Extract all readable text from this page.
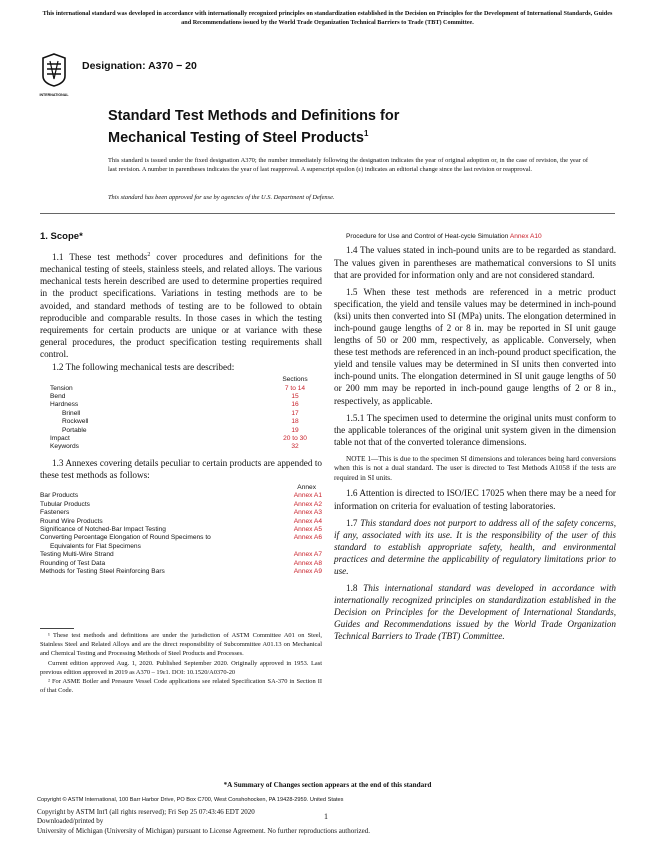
This international standard was developed in accordance with internationally recognized principles on standardization established in the Decision on Principles for the Development of International Standards, Guides and Recommendations issued by the World Trade Organization Technical Barriers to Trade (TBT) Committee.
INTERNATIONAL
Designation: A370 − 20
Standard Test Methods and Definitions for
Mechanical Testing of Steel Products$^1$
This standard is issued under the fixed designation A370; the number immediately following the designation indicates the year of original adoption or, in the case of revision, the year of last revision. A number in parentheses indicates the year of last reapproval. A superscript epsilon (ε) indicates an editorial change since the last revision or reapproval.
This standard has been approved for use by agencies of the U.S. Department of Defense.
1. Scope*

1.1 These test methods$^2$ cover procedures and definitions for the mechanical testing of steels, stainless steels, and related alloys. The various mechanical tests herein described are used to determine properties required in the product specifications. Variations in testing methods are to be avoided, and standard methods of testing are to be followed to obtain reproducible and comparable results. In those cases in which the testing requirements for certain products are unique or at variance with these general procedures, the product specification testing requirements shall control.

1.2 The following mechanical tests are described:

Sections
Tension	7 to 14
Bend	15
Hardness	16
Brinell	17
Rockwell	18
Portable	19
Impact	20 to 30
Keywords	32

1.3 Annexes covering details peculiar to certain products are appended to these test methods as follows:

Annex
Bar Products	Annex A1
Tubular Products	Annex A2
Fasteners	Annex A3
Round Wire Products	Annex A4
Significance of Notched-Bar Impact Testing	Annex A5
Converting Percentage Elongation of Round Specimens to
Equivalents for Flat Specimens
Annex A6
Testing Multi-Wire Strand	Annex A7
Rounding of Test Data	Annex A8
Methods for Testing Steel Reinforcing Bars	Annex A9

¹ These test methods and definitions are under the jurisdiction of ASTM Committee A01 on Steel, Stainless Steel and Related Alloys and are the direct responsibility of Subcommittee A01.13 on Mechanical and Chemical Testing and Processing Methods of Steel Products and Processes.

Current edition approved Aug. 1, 2020. Published September 2020. Originally approved in 1953. Last previous edition approved in 2019 as A370 – 19ε1. DOI: 10.1520/A0370-20

² For ASME Boiler and Pressure Vessel Code applications see related Specification SA-370 in Section II of that Code.

Procedure for Use and Control of Heat-cycle Simulation Annex A10

1.4 The values stated in inch-pound units are to be regarded as standard. The values given in parentheses are mathematical conversions to SI units that are provided for information only and are not considered standard.

1.5 When these test methods are referenced in a metric product specification, the yield and tensile values may be determined in inch-pound (ksi) units then converted into SI (MPa) units. The elongation determined in inch-pound gauge lengths of 2 or 8 in. may be reported in SI unit gauge lengths of 50 or 200 mm, respectively, as applicable. Conversely, when these test methods are referenced in an inch-pound product specification, the yield and tensile values may be determined in SI units then converted into inch-pound units. The elongation determined in SI unit gauge lengths of 50 or 200 mm may be reported in inch-pound gauge lengths of 2 or 8 in., respectively, as applicable.

1.5.1 The specimen used to determine the original units must conform to the applicable tolerances of the original unit system given in the dimension table not that of the converted tolerance dimensions.

NOTE 1—This is due to the specimen SI dimensions and tolerances being hard conversions when this is not a dual standard. The user is directed to Test Methods A1058 if the tests are required in SI units.

1.6 Attention is directed to ISO/IEC 17025 when there may be a need for information on criteria for evaluation of testing laboratories.

1.7 This standard does not purport to address all of the safety concerns, if any, associated with its use. It is the responsibility of the user of this standard to establish appropriate safety, health, and environmental practices and determine the applicability of regulatory limitations prior to use.

1.8 This international standard was developed in accordance with internationally recognized principles on standardization established in the Decision on Principles for the Development of International Standards, Guides and Recommendations issued by the World Trade Organization Technical Barriers to Trade (TBT) Committee.

*A Summary of Changes section appears at the end of this standard
Copyright © ASTM International, 100 Barr Harbor Drive, PO Box C700, West Conshohocken, PA 19428-2959. United States
Copyright by ASTM Int'l (all rights reserved); Fri Sep 25 07:43:46 EDT 2020
Downloaded/printed by
University of Michigan (University of Michigan) pursuant to License Agreement. No further reproductions authorized.
1
